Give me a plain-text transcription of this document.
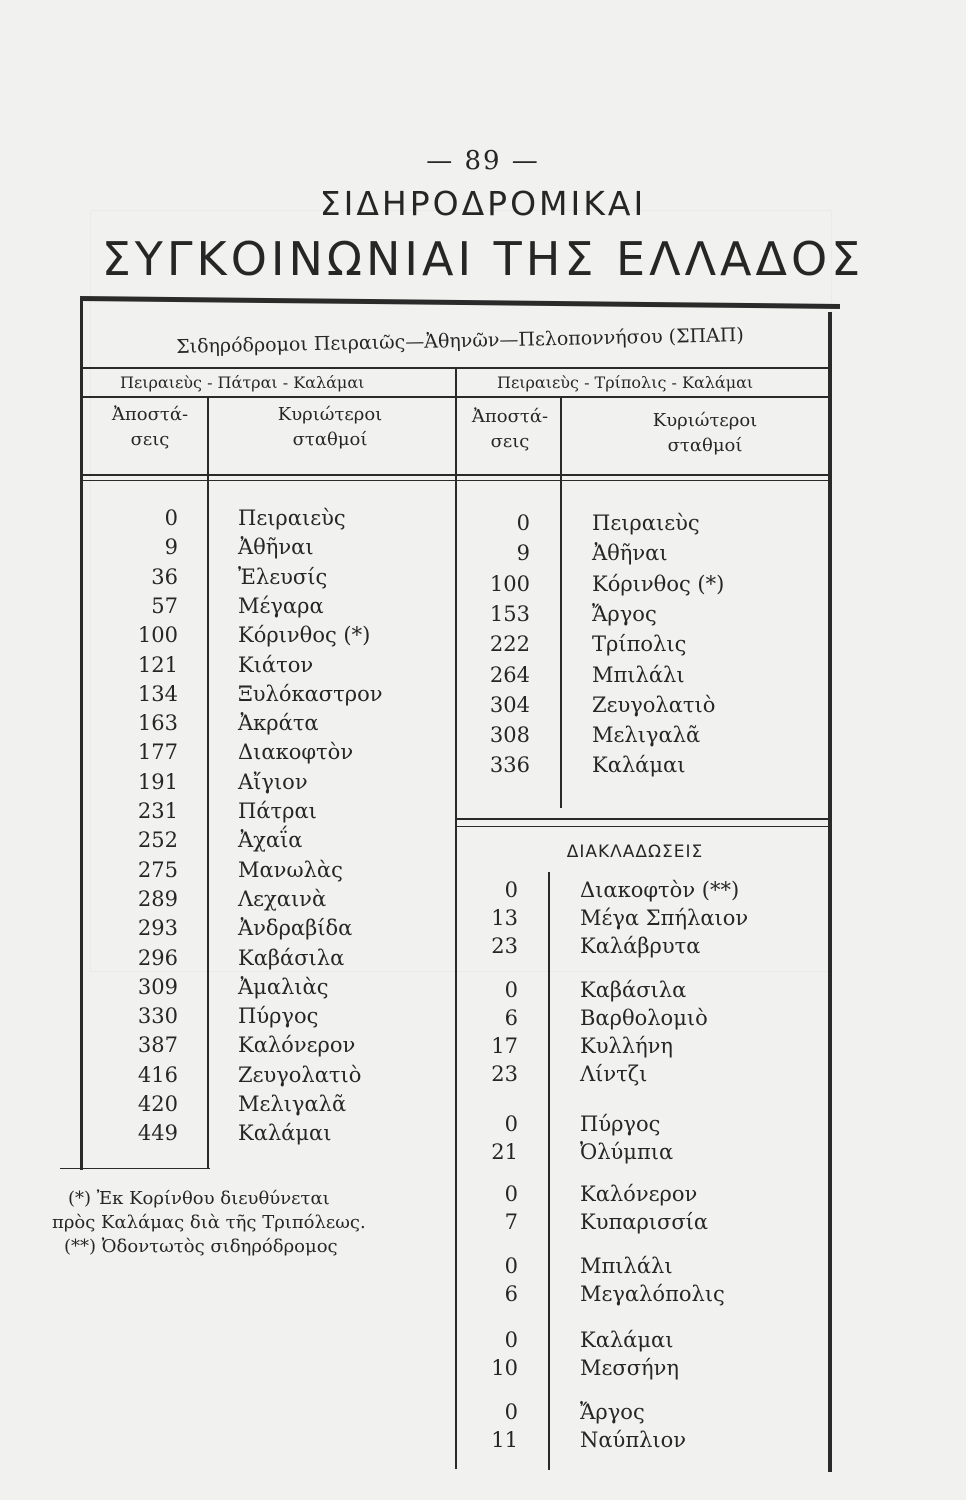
— 89 —
ΣΙΔΗΡΟΔΡΟΜΙΚΑΙ
ΣΥΓΚΟΙΝΩΝΙΑΙ ΤΗΣ ΕΛΛΑΔΟΣ
Σιδηρόδρομοι Πειραιῶς—Ἀθηνῶν—Πελοποννήσου (ΣΠΑΠ)
Πειραιεὺς - Πάτραι - Καλάμαι	Πειραιεὺς - Τρίπολις - Καλάμαι
Ἀποστά-
σεις
Κυριώτεροι
σταθμοί
Ἀποστά-
σεις
Κυριώτεροι
σταθμοί
0	Πειραιεὺς
9	Ἀθῆναι
36	Ἐλευσίς
57	Μέγαρα
100	Κόρινθος (*)
121	Κιάτον
134	Ξυλόκαστρον
163	Ἀκράτα
177	Διακοφτὸν
191	Αἴγιον
231	Πάτραι
252	Ἀχαΐα
275	Μανωλὰς
289	Λεχαινὰ
293	Ἀνδραβίδα
296	Καβάσιλα
309	Ἀμαλιὰς
330	Πύργος
387	Καλόνερον
416	Ζευγολατιὸ
420	Μελιγαλᾶ
449	Καλάμαι
0	Πειραιεὺς
9	Ἀθῆναι
100	Κόρινθος (*)
153	Ἄργος
222	Τρίπολις
264	Μπιλάλι
304	Ζευγολατιὸ
308	Μελιγαλᾶ
336	Καλάμαι
ΔΙΑΚΛΑΔΩΣΕΙΣ
0	Διακοφτὸν (**)
13	Μέγα Σπήλαιον
23	Καλάβρυτα
0	Καβάσιλα
6	Βαρθολομιὸ
17	Κυλλήνη
23	Λίντζι
0	Πύργος
21	Ὀλύμπια
0	Καλόνερον
7	Κυπαρισσία
0	Μπιλάλι
6	Μεγαλόπολις
0	Καλάμαι
10	Μεσσήνη
0	Ἄργος
11	Ναύπλιον
(*) Ἐκ Κορίνθου διευθύνεται
πρὸς Καλάμας διὰ τῆς Τριπόλεως.
(**) Ὀδοντωτὸς σιδηρόδρομος
